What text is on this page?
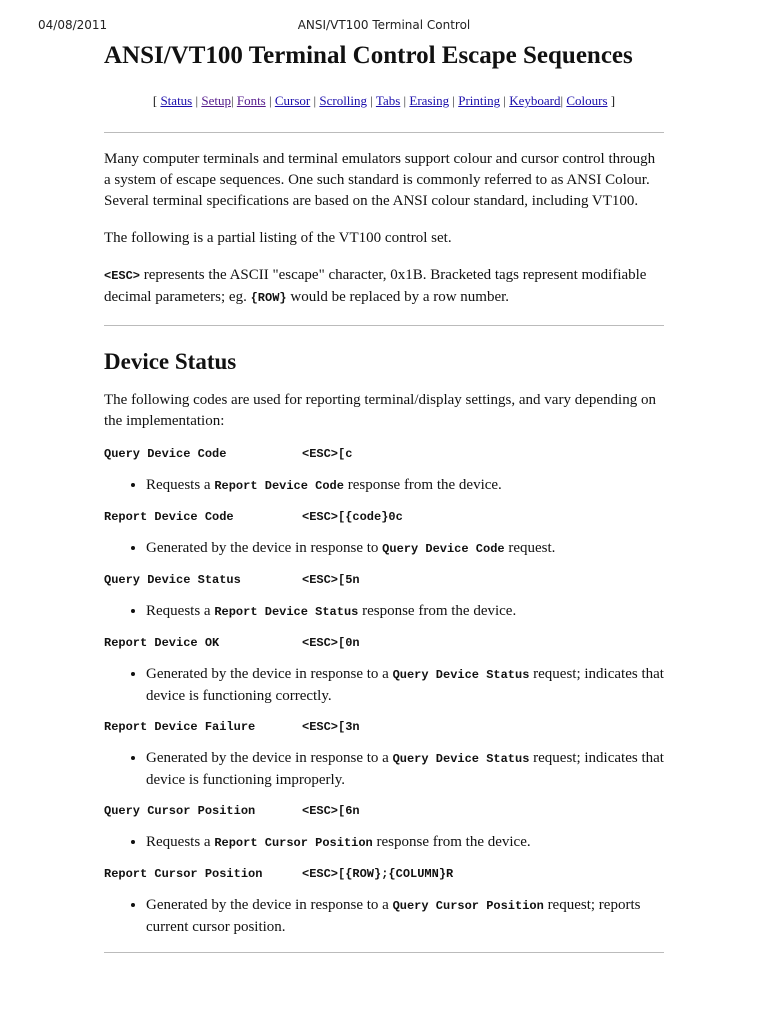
04/08/2011	ANSI/VT100 Terminal Control
ANSI/VT100 Terminal Control Escape Sequences
[ Status | Setup| Fonts | Cursor | Scrolling | Tabs | Erasing | Printing | Keyboard| Colours ]

Many computer terminals and terminal emulators support colour and cursor control through a system of escape sequences. One such standard is commonly referred to as ANSI Colour. Several terminal specifications are based on the ANSI colour standard, including VT100.

The following is a partial listing of the VT100 control set.

<ESC> represents the ASCII "escape" character, 0x1B. Bracketed tags represent modifiable decimal parameters; eg. {ROW} would be replaced by a row number.

Device Status

The following codes are used for reporting terminal/display settings, and vary depending on the implementation:

Query Device Code	<ESC>[c
• Requests a Report Device Code response from the device.
Report Device Code	<ESC>[{code}0c
• Generated by the device in response to Query Device Code request.
Query Device Status	<ESC>[5n
• Requests a Report Device Status response from the device.
Report Device OK	<ESC>[0n
• Generated by the device in response to a Query Device Status request; indicates that device is functioning correctly.
Report Device Failure	<ESC>[3n
• Generated by the device in response to a Query Device Status request; indicates that device is functioning improperly.
Query Cursor Position	<ESC>[6n
• Requests a Report Cursor Position response from the device.
Report Cursor Position	<ESC>[{ROW};{COLUMN}R
• Generated by the device in response to a Query Cursor Position request; reports current cursor position.
